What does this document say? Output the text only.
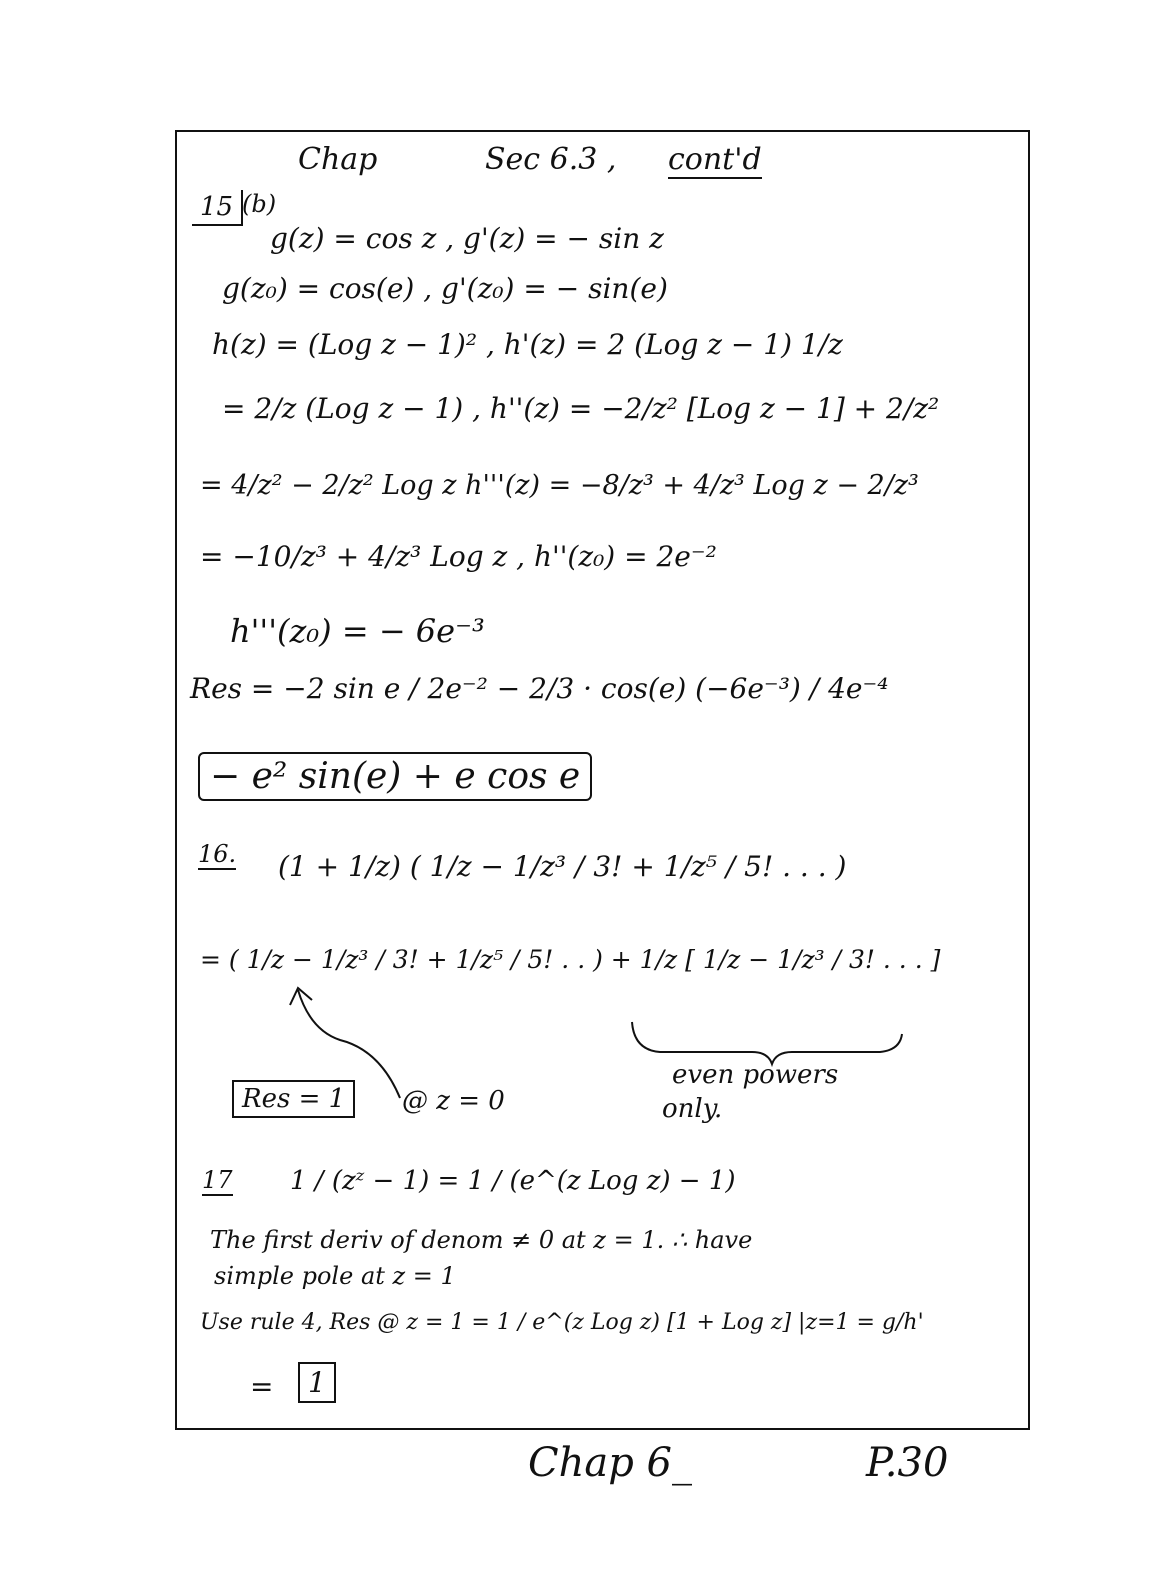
Chap	Sec 6.3 , cont'd
15 (b)
g(z) = cos z , g'(z) = − sin z
g(z₀) = cos(e) , g'(z₀) = − sin(e)
h(z) = (Log z − 1)² , h'(z) = 2 (Log z − 1) 1/z
= 2/z (Log z − 1) , h''(z) = −2/z² [Log z − 1] + 2/z²
= 4/z² − 2/z² Log z h'''(z) = −8/z³ + 4/z³ Log z − 2/z³
= −10/z³ + 4/z³ Log z , h''(z₀) = 2e⁻²
h'''(z₀) = − 6e⁻³
Res = −2 sin e / 2e⁻² − 2/3 · cos(e) (−6e⁻³) / 4e⁻⁴
− e² sin(e) + e cos e
16. (1 + 1/z) ( 1/z − 1/z³ / 3! + 1/z⁵ / 5! . . . )
= ( 1/z − 1/z³ / 3! + 1/z⁵ / 5! . . ) + 1/z [ 1/z − 1/z³ / 3! . . . ]
Res = 1	@ z = 0
even powers
only.
17 1 / (zᶻ − 1) = 1 / (e^(z Log z) − 1)
The first deriv of denom ≠ 0 at z = 1. ∴ have
simple pole at z = 1
Use rule 4, Res @ z = 1 = 1 / e^(z Log z) [1 + Log z] |z=1 = g/h'
=	1
Chap 6_	P.30
